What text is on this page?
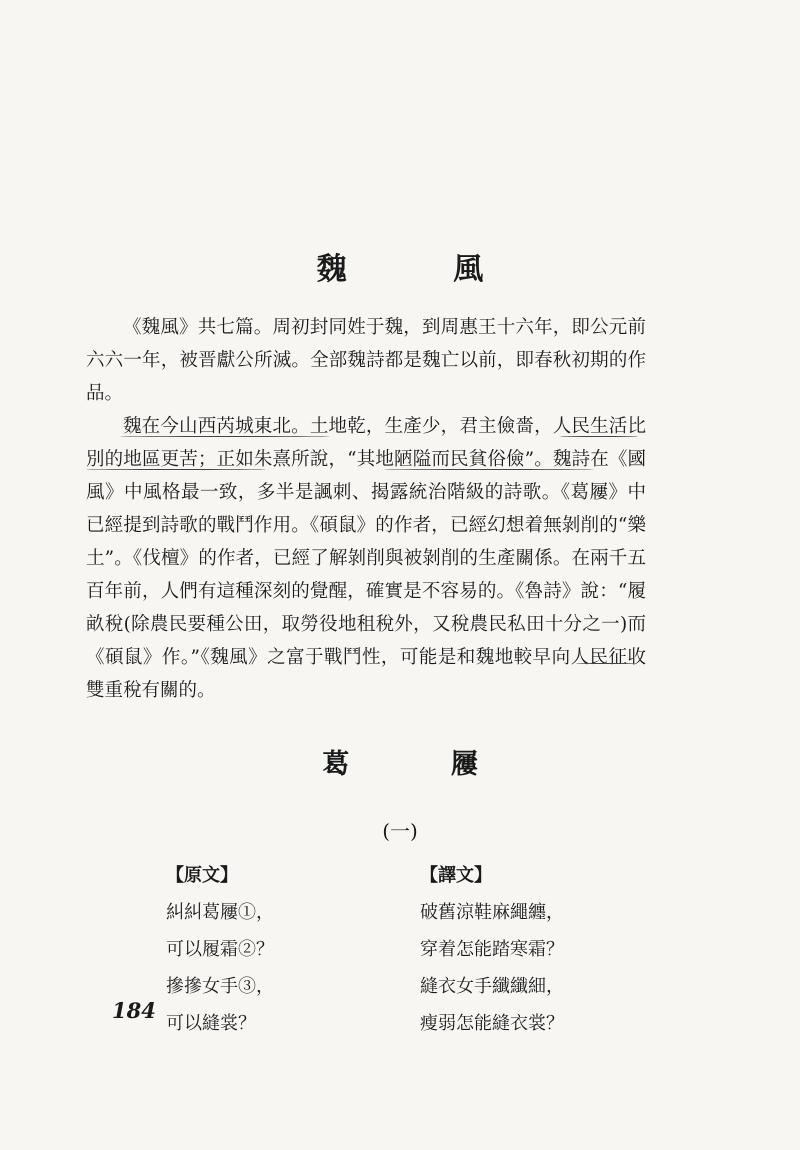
魏 風

《魏風》共七篇。周初封同姓于魏，到周惠王十六年，即公元前六六一年，被晋獻公所滅。全部魏詩都是魏亡以前，即春秋初期的作品。

魏在今山西芮城東北。土地乾，生產少，君主儉嗇，人民生活比別的地區更苦；正如朱熹所說，“其地陋隘而民貧俗儉”。魏詩在《國風》中風格最一致，多半是諷刺、揭露統治階級的詩歌。《葛屨》中已經提到詩歌的戰鬥作用。《碩鼠》的作者，已經幻想着無剝削的“樂土”。《伐檀》的作者，已經了解剝削與被剝削的生產關係。在兩千五百年前，人們有這種深刻的覺醒，確實是不容易的。《魯詩》說：“履畝稅(除農民要種公田，取勞役地租稅外，又稅農民私田十分之一)而《碩鼠》作。”《魏風》之富于戰鬥性，可能是和魏地較早向人民征收雙重稅有關的。

葛 屨
(一)
【原文】
糾糾葛屨①，
可以履霜②？
摻摻女手③，
可以縫裳？
【譯文】
破舊涼鞋麻繩纏，
穿着怎能踏寒霜？
縫衣女手纖纖細，
瘦弱怎能縫衣裳？
184
